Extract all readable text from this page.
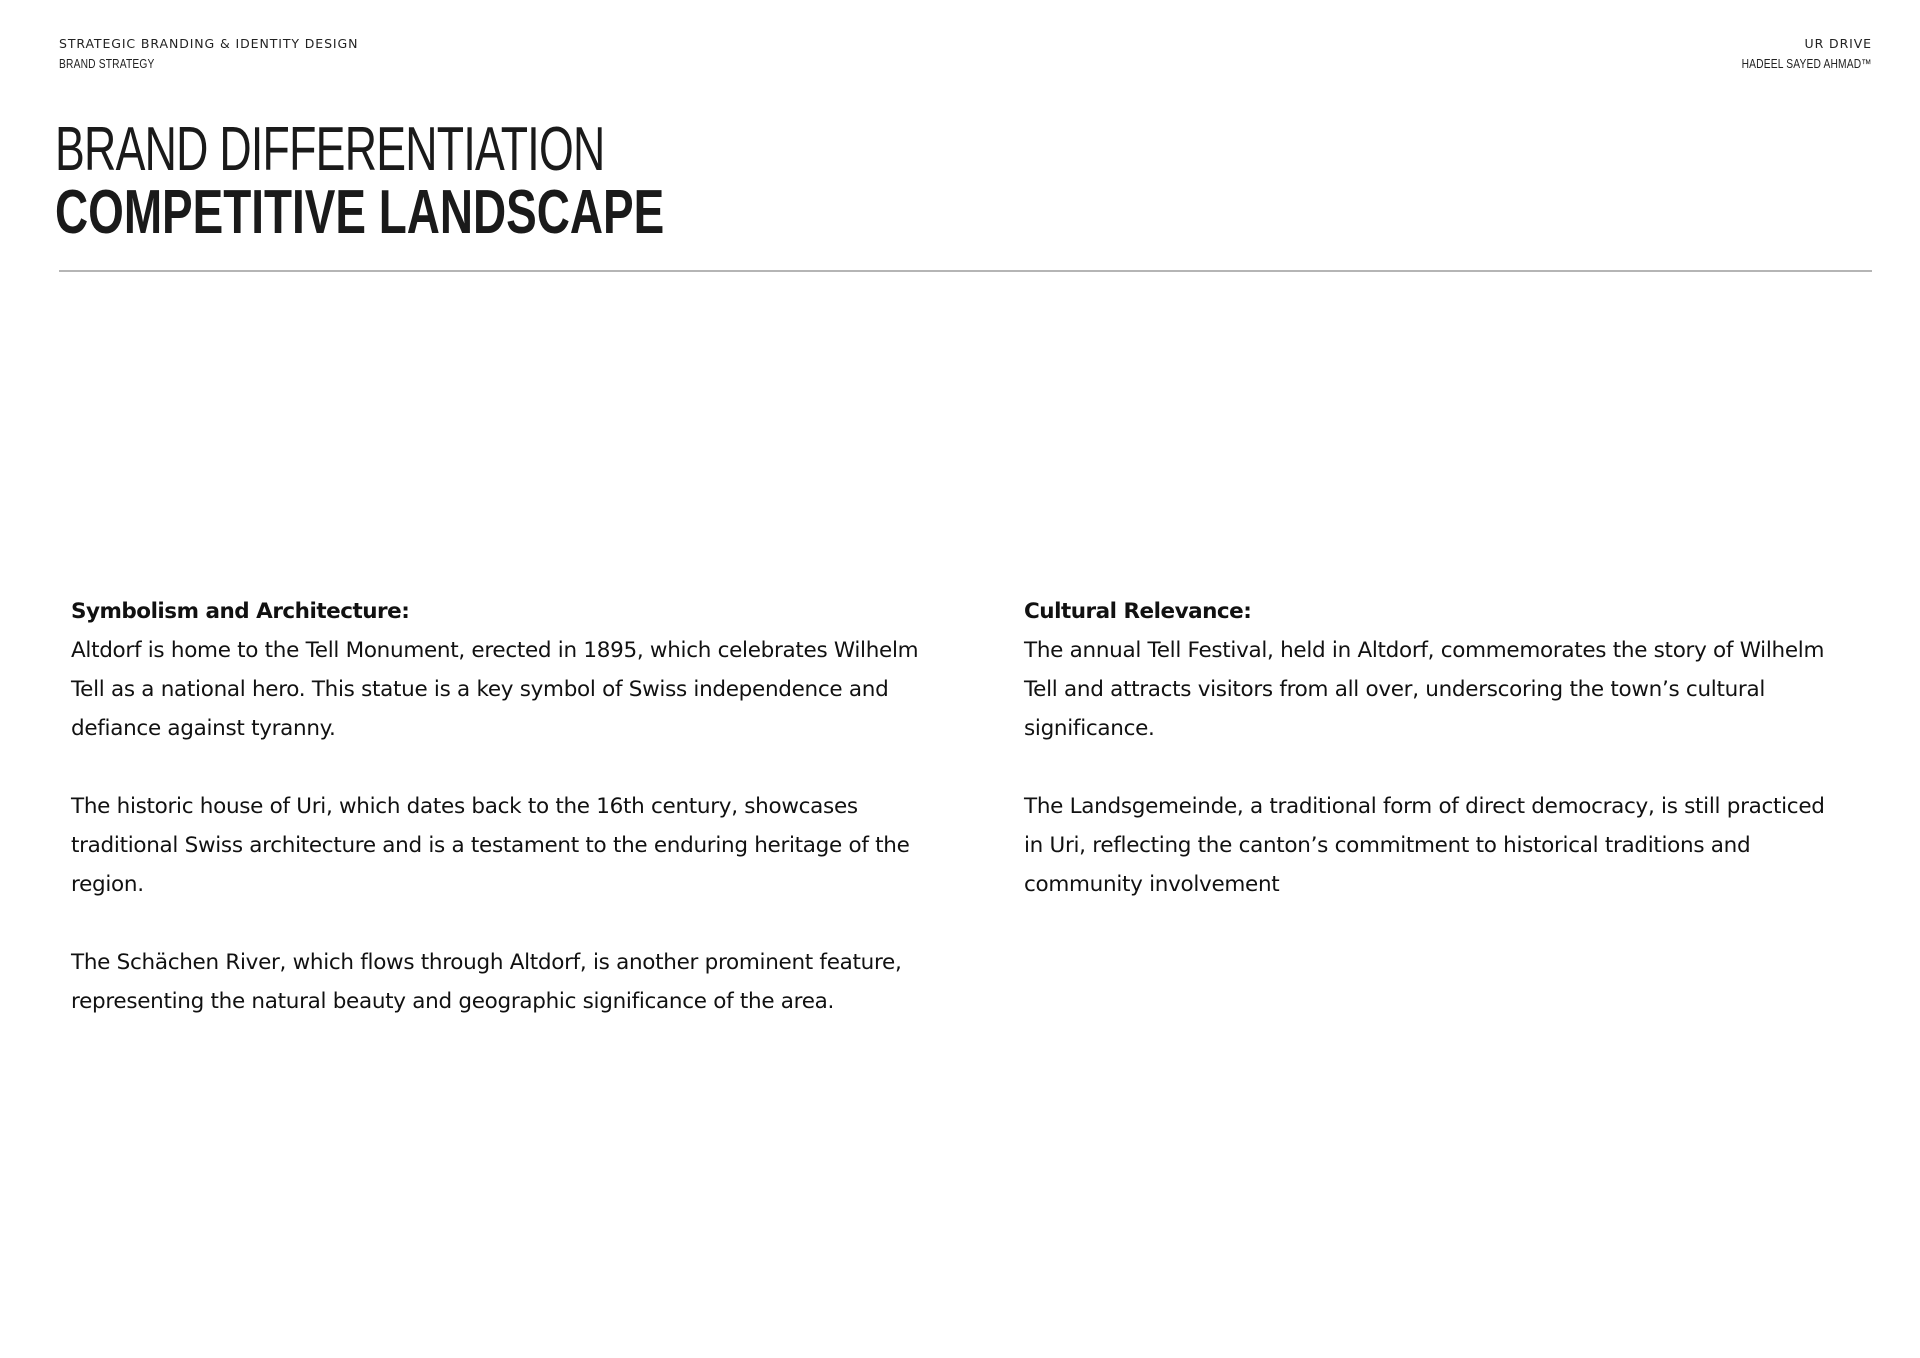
STRATEGIC BRANDING & IDENTITY DESIGN
BRAND STRATEGY
UR DRIVE
HADEEL SAYED AHMAD™
BRAND DIFFERENTIATION
COMPETITIVE LANDSCAPE
Symbolism and Architecture:

Altdorf is home to the Tell Monument, erected in 1895, which celebrates Wilhelm Tell as a national hero. This statue is a key symbol of Swiss independence and defiance against tyranny.

The historic house of Uri, which dates back to the 16th century, showcases traditional Swiss architecture and is a testament to the enduring heritage of the region.

The Schächen River, which flows through Altdorf, is another prominent feature, representing the natural beauty and geographic significance of the area.

Cultural Relevance:

The annual Tell Festival, held in Altdorf, commemorates the story of Wilhelm Tell and attracts visitors from all over, underscoring the town’s cultural significance.

The Landsgemeinde, a traditional form of direct democracy, is still practiced in Uri, reflecting the canton’s commitment to historical traditions and community involvement
